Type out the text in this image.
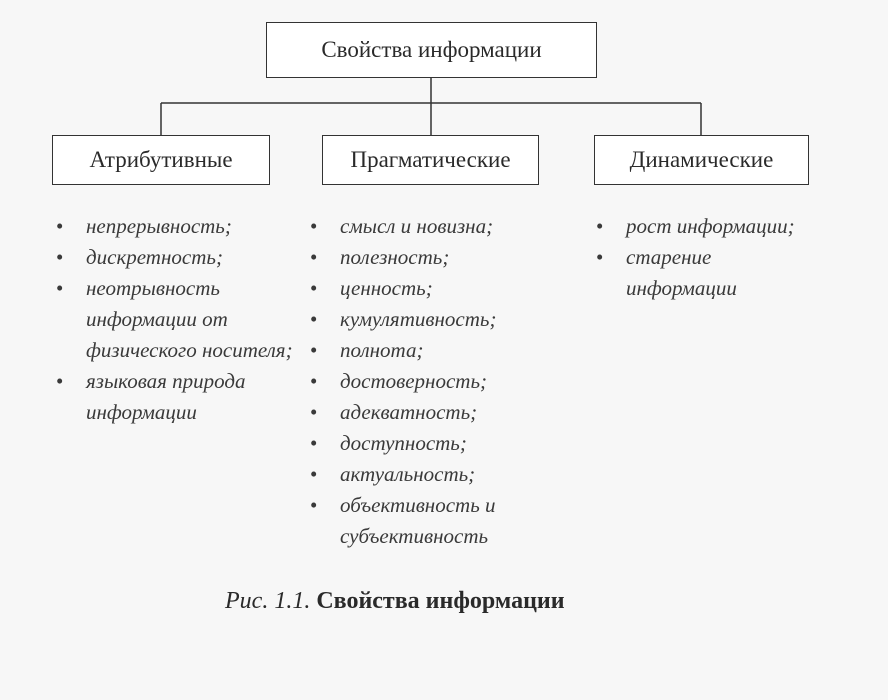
Свойства информации
Атрибутивные	Прагматические	Динамические
• непрерывность;
• дискретность;
• неотрывность информации от физического носителя;
• языковая природа информации
• смысл и новизна;
• полезность;
• ценность;
• кумулятивность;
• полнота;
• достоверность;
• адекватность;
• доступность;
• актуальность;
• объективность и субъективность
• рост информации;
• старение информации
Рис. 1.1. Свойства информации
